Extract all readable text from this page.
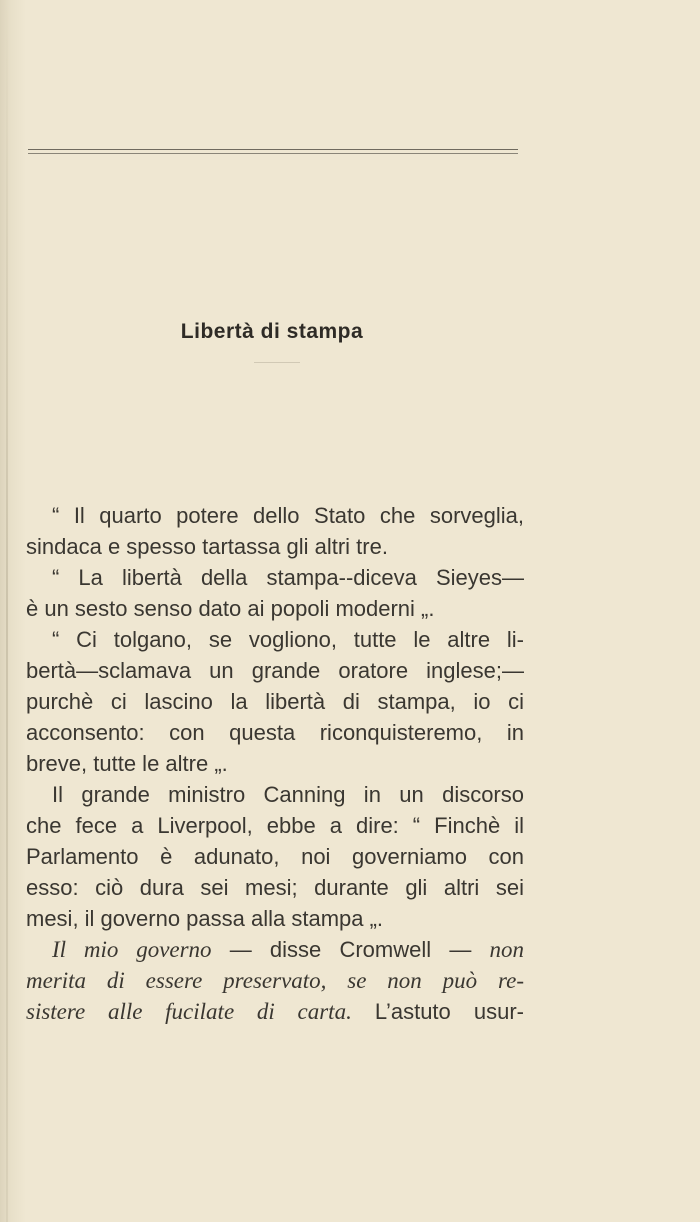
Libertà di stampa
“ Il quarto potere dello Stato che sorveglia,
sindaca e spesso tartassa gli altri tre.
“ La libertà della stampa--diceva Sieyes—
è un sesto senso dato ai popoli moderni „.
“ Ci tolgano, se vogliono, tutte le altre li-
bertà—sclamava un grande oratore inglese;—
purchè ci lascino la libertà di stampa, io ci
acconsento: con questa riconquisteremo, in
breve, tutte le altre „.
Il grande ministro Canning in un discorso
che fece a Liverpool, ebbe a dire: “ Finchè il
Parlamento è adunato, noi governiamo con
esso: ciò dura sei mesi; durante gli altri sei
mesi, il governo passa alla stampa „.
Il mio governo — disse Cromwell — non
merita di essere preservato, se non può re-
sistere alle fucilate di carta. L’astuto usur-
